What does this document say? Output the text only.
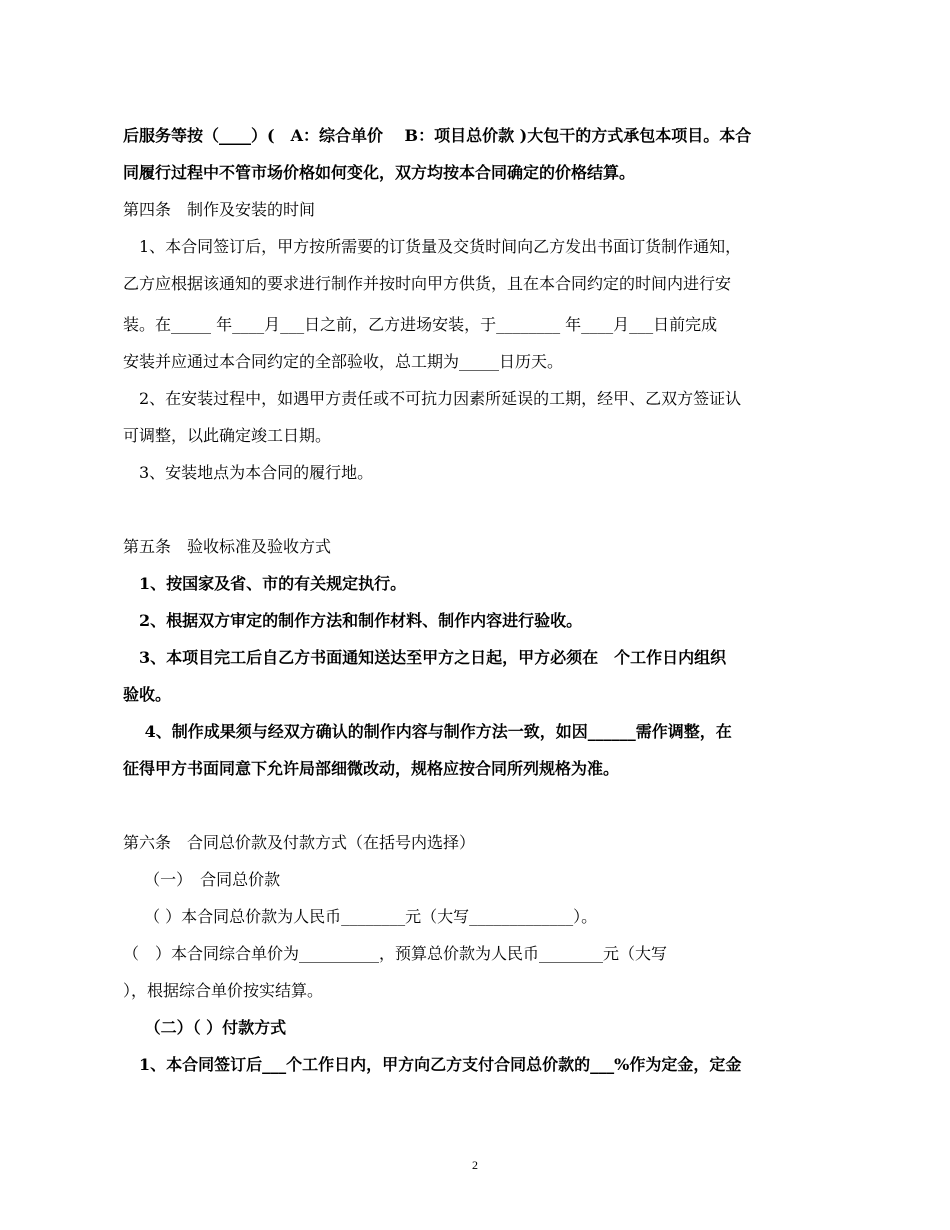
后服务等按（____）(　A：综合单价　 B：项目总价款 )大包干的方式承包本项目。本合
同履行过程中不管市场价格如何变化，双方均按本合同确定的价格结算。
第四条　制作及安装的时间
　1、本合同签订后，甲方按所需要的订货量及交货时间向乙方发出书面订货制作通知，
乙方应根据该通知的要求进行制作并按时向甲方供货，且在本合同约定的时间内进行安
装。在_____ 年____月___日之前，乙方进场安装，于________ 年____月___日前完成
安装并应通过本合同约定的全部验收，总工期为_____日历天。
　2、在安装过程中，如遇甲方责任或不可抗力因素所延误的工期，经甲、乙双方签证认
可调整，以此确定竣工日期。
　3、安装地点为本合同的履行地。
第五条　验收标准及验收方式
　1、按国家及省、市的有关规定执行。
　2、根据双方审定的制作方法和制作材料、制作内容进行验收。
　3、本项目完工后自乙方书面通知送达至甲方之日起，甲方必须在　个工作日内组织
验收。
　 4、制作成果须与经双方确认的制作内容与制作方法一致，如因______需作调整，在
征得甲方书面同意下允许局部细微改动，规格应按合同所列规格为准。
第六条　合同总价款及付款方式（在括号内选择）
　 （一）　合同总价款
　 （ ）本合同总价款为人民币________元（大写_____________）。
（　）本合同综合单价为__________，预算总价款为人民币________元（大写
），根据综合单价按实结算。
　 （二）（ ）付款方式
　1、本合同签订后___个工作日内，甲方向乙方支付合同总价款的___%作为定金，定金
2
